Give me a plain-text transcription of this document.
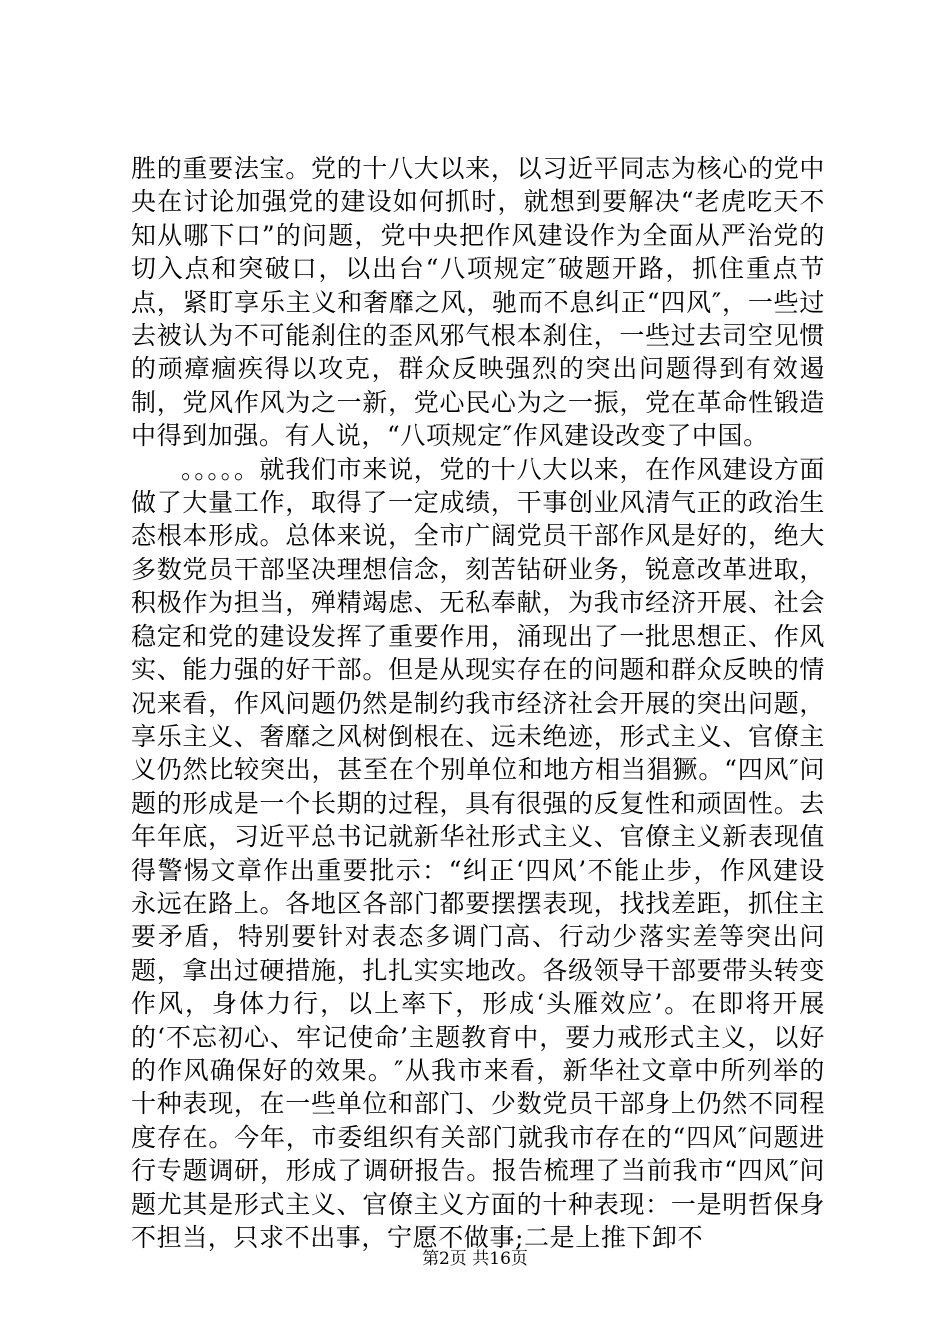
胜的重要法宝。党的十八大以来，以习近平同志为核心的党中央在讨论加强党的建设如何抓时，就想到要解决“老虎吃天不知从哪下口”的问题，党中央把作风建设作为全面从严治党的切入点和突破口，以出台“八项规定″破题开路，抓住重点节点，紧盯享乐主义和奢靡之风，驰而不息纠正“四风″，一些过去被认为不可能刹住的歪风邪气根本刹住，一些过去司空见惯的顽瘴痼疾得以攻克，群众反映强烈的突出问题得到有效遏制，党风作风为之一新，党心民心为之一振，党在革命性锻造中得到加强。有人说，“八项规定″作风建设改变了中国。

。。。。。就我们市来说，党的十八大以来，在作风建设方面做了大量工作，取得了一定成绩，干事创业风清气正的政治生态根本形成。总体来说，全市广阔党员干部作风是好的，绝大多数党员干部坚决理想信念，刻苦钻研业务，锐意改革进取，积极作为担当，殚精竭虑、无私奉献，为我市经济开展、社会稳定和党的建设发挥了重要作用，涌现出了一批思想正、作风实、能力强的好干部。但是从现实存在的问题和群众反映的情况来看，作风问题仍然是制约我市经济社会开展的突出问题，享乐主义、奢靡之风树倒根在、远未绝迹，形式主义、官僚主义仍然比较突出，甚至在个别单位和地方相当猖獗。“四风″问题的形成是一个长期的过程，具有很强的反复性和顽固性。去年年底，习近平总书记就新华社形式主义、官僚主义新表现值得警惕文章作出重要批示：“纠正‘四风’不能止步，作风建设永远在路上。各地区各部门都要摆摆表现，找找差距，抓住主要矛盾，特别要针对表态多调门高、行动少落实差等突出问题，拿出过硬措施，扎扎实实地改。各级领导干部要带头转变作风，身体力行，以上率下，形成‘头雁效应’。在即将开展的‘不忘初心、牢记使命’主题教育中，要力戒形式主义，以好的作风确保好的效果。″从我市来看，新华社文章中所列举的十种表现，在一些单位和部门、少数党员干部身上仍然不同程度存在。今年，市委组织有关部门就我市存在的“四风″问题进行专题调研，形成了调研报告。报告梳理了当前我市“四风″问题尤其是形式主义、官僚主义方面的十种表现：一是明哲保身不担当，只求不出事，宁愿不做事;二是上推下卸不

第2页 共16页
